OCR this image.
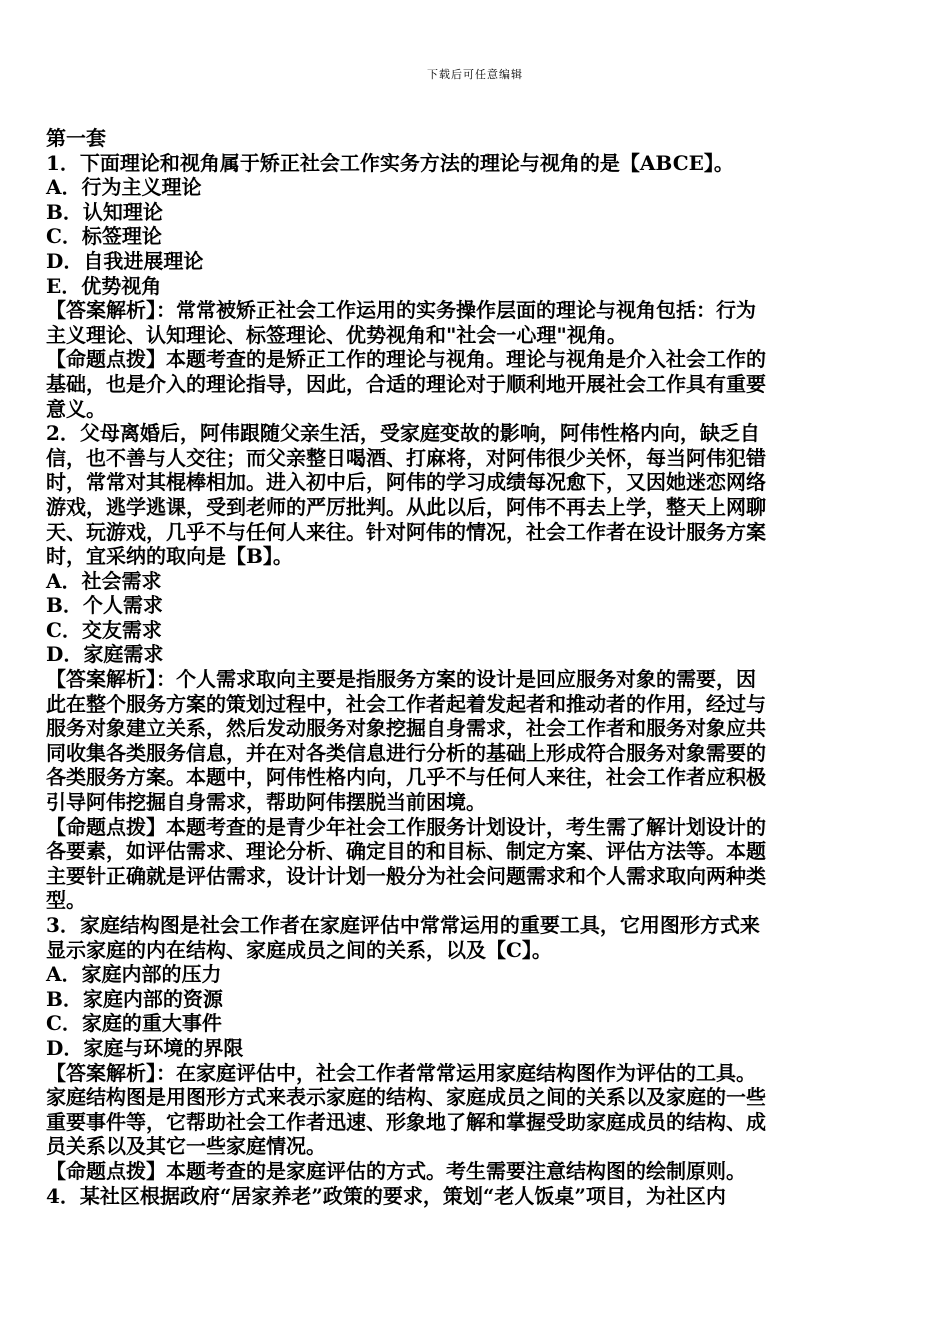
下载后可任意编辑
第一套
1．下面理论和视角属于矫正社会工作实务方法的理论与视角的是【ABCE】。
A．行为主义理论
B．认知理论
C．标签理论
D．自我进展理论
E．优势视角
【答案解析】：常常被矫正社会工作运用的实务操作层面的理论与视角包括：行为
主义理论、认知理论、标签理论、优势视角和"社会一心理"视角。
【命题点拨】本题考查的是矫正工作的理论与视角。理论与视角是介入社会工作的
基础，也是介入的理论指导，因此，合适的理论对于顺利地开展社会工作具有重要
意义。
2．父母离婚后，阿伟跟随父亲生活，受家庭变故的影响，阿伟性格内向，缺乏自
信，也不善与人交往；而父亲整日喝酒、打麻将，对阿伟很少关怀，每当阿伟犯错
时，常常对其棍棒相加。进入初中后，阿伟的学习成绩每况愈下，又因她迷恋网络
游戏，逃学逃课，受到老师的严厉批判。从此以后，阿伟不再去上学，整天上网聊
天、玩游戏，几乎不与任何人来往。针对阿伟的情况，社会工作者在设计服务方案
时，宜采纳的取向是【B】。
A．社会需求
B．个人需求
C．交友需求
D．家庭需求
【答案解析】：个人需求取向主要是指服务方案的设计是回应服务对象的需要，因
此在整个服务方案的策划过程中，社会工作者起着发起者和推动者的作用，经过与
服务对象建立关系，然后发动服务对象挖掘自身需求，社会工作者和服务对象应共
同收集各类服务信息，并在对各类信息进行分析的基础上形成符合服务对象需要的
各类服务方案。本题中，阿伟性格内向，几乎不与任何人来往，社会工作者应积极
引导阿伟挖掘自身需求，帮助阿伟摆脱当前困境。
【命题点拨】本题考查的是青少年社会工作服务计划设计，考生需了解计划设计的
各要素，如评估需求、理论分析、确定目的和目标、制定方案、评估方法等。本题
主要针正确就是评估需求，设计计划一般分为社会问题需求和个人需求取向两种类
型。
3．家庭结构图是社会工作者在家庭评估中常常运用的重要工具，它用图形方式来
显示家庭的内在结构、家庭成员之间的关系，以及【C】。
A．家庭内部的压力
B．家庭内部的资源
C．家庭的重大事件
D．家庭与环境的界限
【答案解析】：在家庭评估中，社会工作者常常运用家庭结构图作为评估的工具。
家庭结构图是用图形方式来表示家庭的结构、家庭成员之间的关系以及家庭的一些
重要事件等，它帮助社会工作者迅速、形象地了解和掌握受助家庭成员的结构、成
员关系以及其它一些家庭情况。
【命题点拨】本题考查的是家庭评估的方式。考生需要注意结构图的绘制原则。
4．某社区根据政府“居家养老”政策的要求，策划“老人饭桌”项目，为社区内
